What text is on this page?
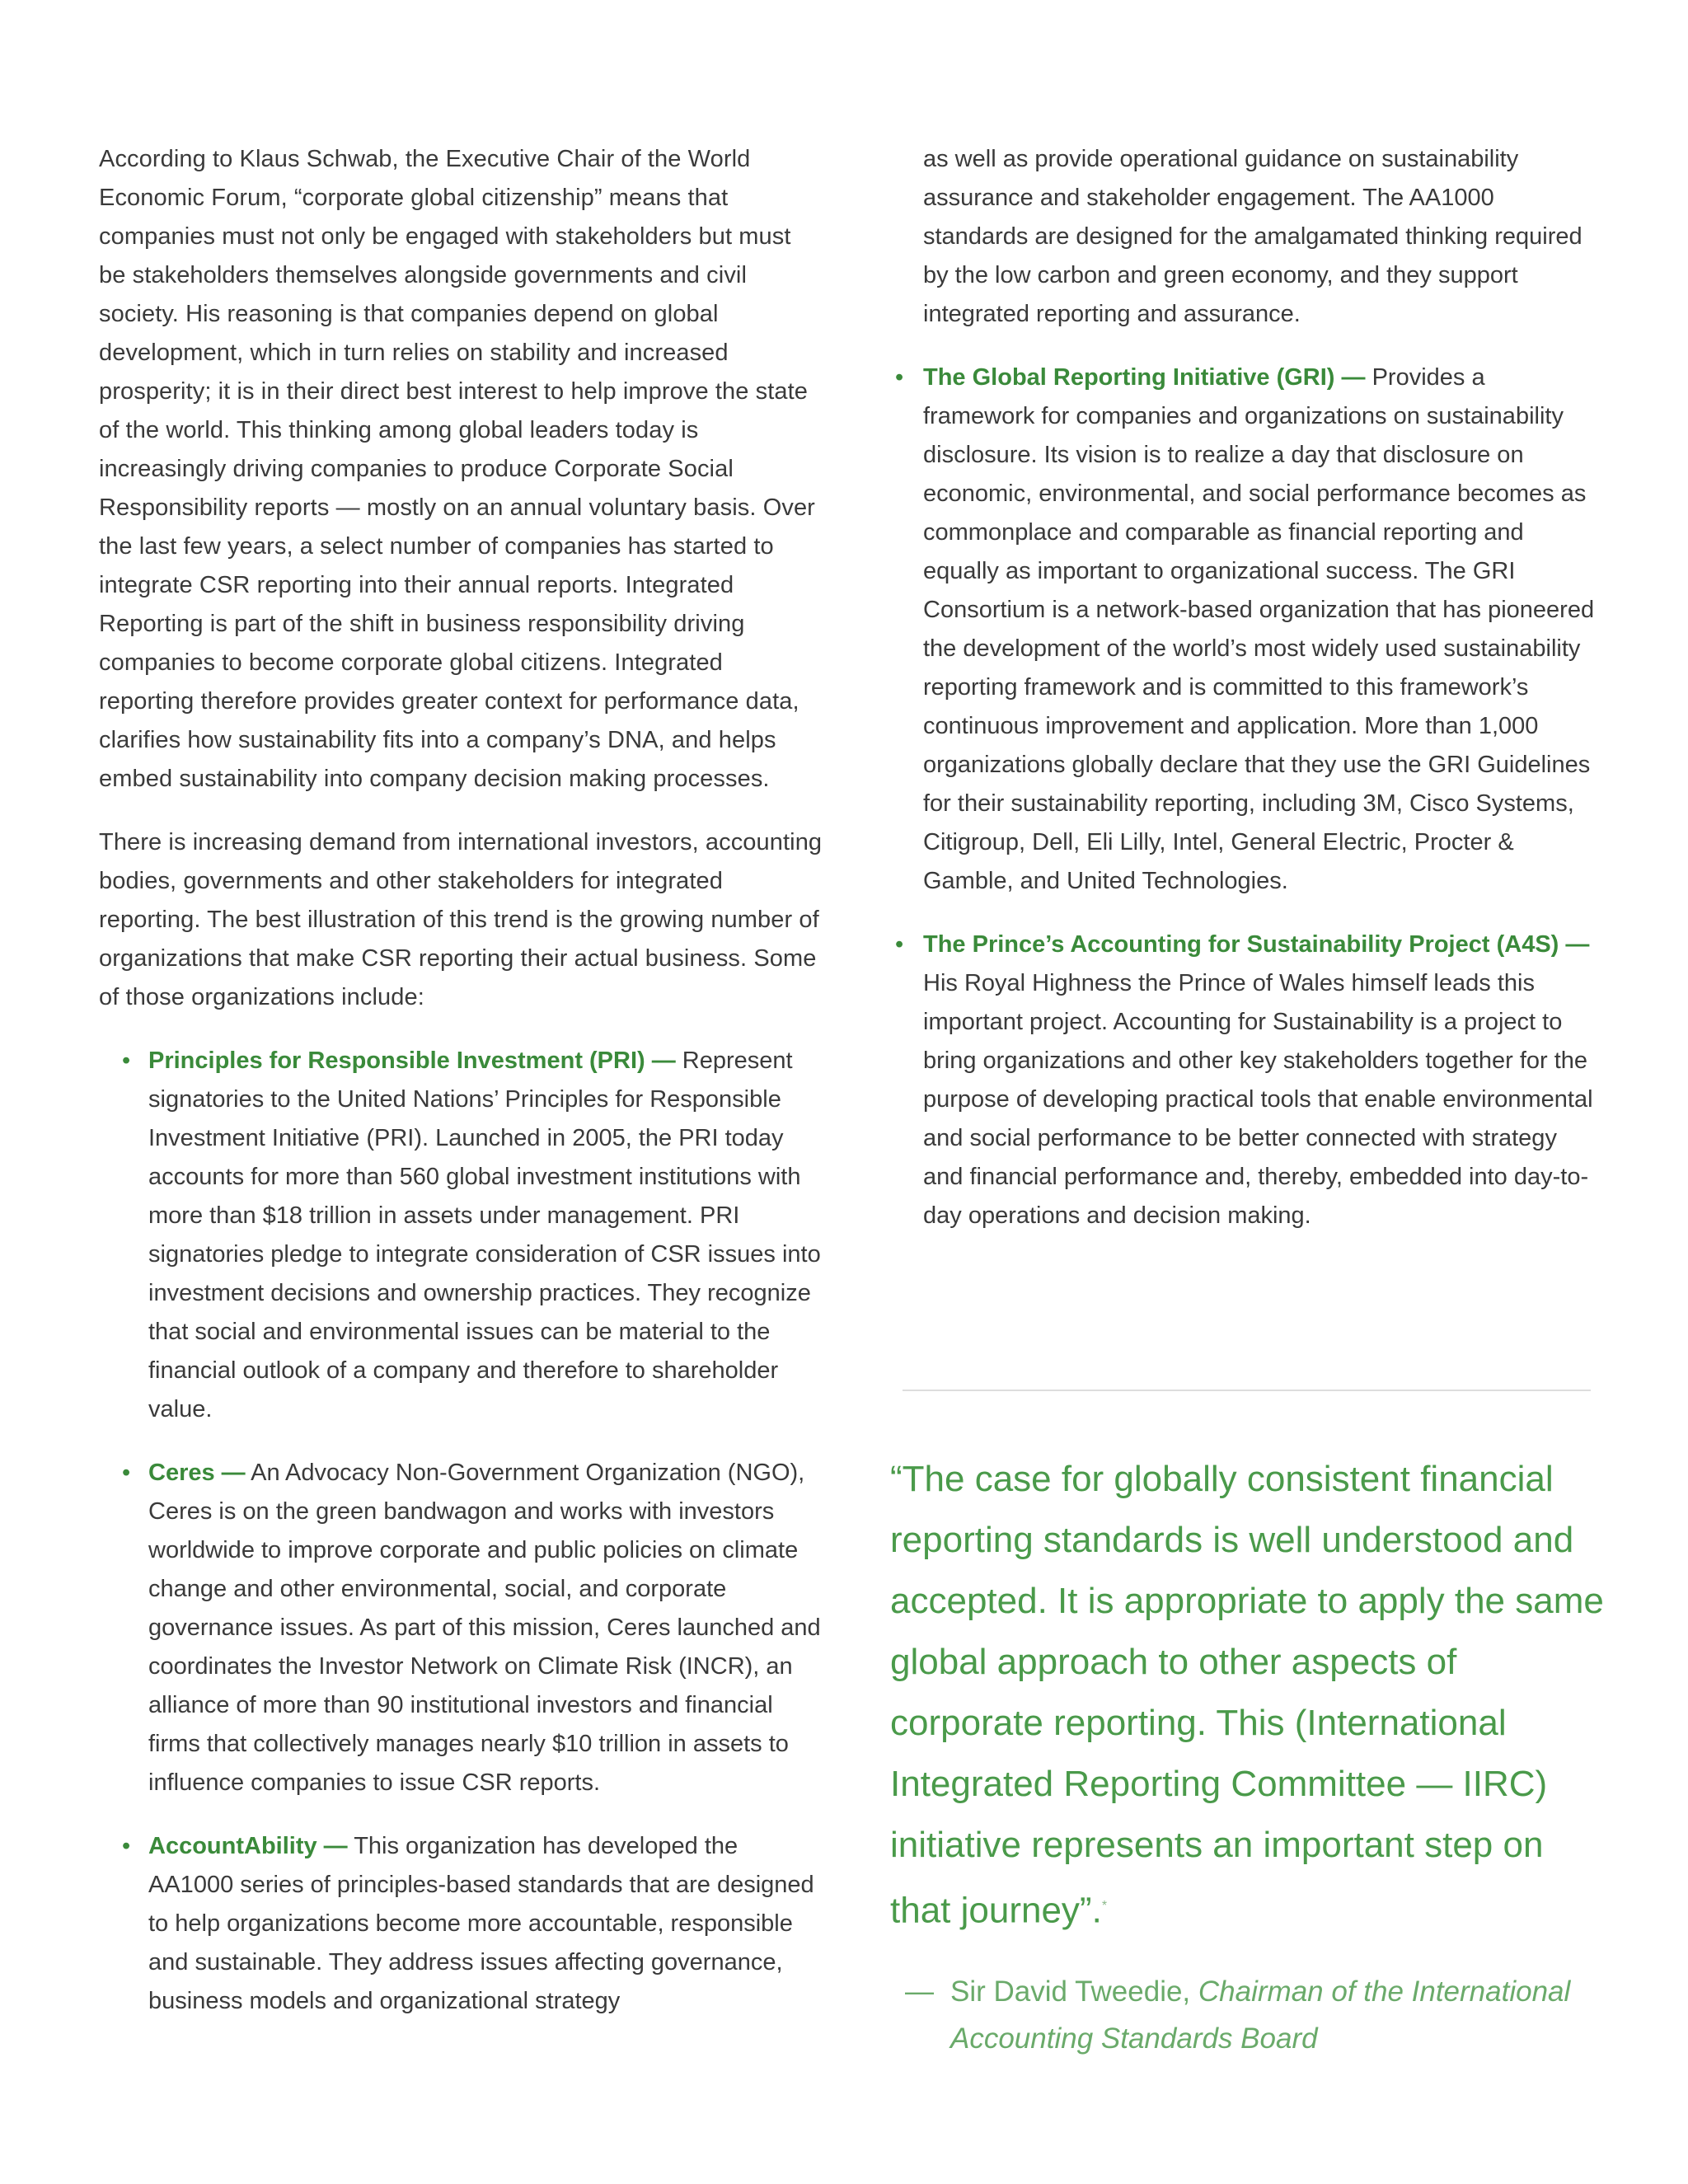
According to Klaus Schwab, the Executive Chair of the World Economic Forum, “corporate global citizenship” means that companies must not only be engaged with stakeholders but must be stakeholders themselves alongside governments and civil society. His reasoning is that companies depend on global development, which in turn relies on stability and increased prosperity; it is in their direct best interest to help improve the state of the world. This thinking among global leaders today is increasingly driving companies to produce Corporate Social Responsibility reports — mostly on an annual voluntary basis. Over the last few years, a select number of companies has started to integrate CSR reporting into their annual reports. Integrated Reporting is part of the shift in business responsibility driving companies to become corporate global citizens. Integrated reporting therefore provides greater context for performance data, clarifies how sustainability fits into a company’s DNA, and helps embed sustainability into company decision making processes.

There is increasing demand from international investors, accounting bodies, governments and other stakeholders for integrated reporting. The best illustration of this trend is the growing number of organizations that make CSR reporting their actual business. Some of those organizations include:

• Principles for Responsible Investment (PRI) — Represent signatories to the United Nations’ Principles for Responsible Investment Initiative (PRI). Launched in 2005, the PRI today accounts for more than 560 global investment institutions with more than $18 trillion in assets under management. PRI signatories pledge to integrate consideration of CSR issues into investment decisions and ownership practices. They recognize that social and environmental issues can be material to the financial outlook of a company and therefore to shareholder value.
• Ceres — An Advocacy Non-Government Organization (NGO), Ceres is on the green bandwagon and works with investors worldwide to improve corporate and public policies on climate change and other environmental, social, and corporate governance issues. As part of this mission, Ceres launched and coordinates the Investor Network on Climate Risk (INCR), an alliance of more than 90 institutional investors and financial firms that collectively manages nearly $10 trillion in assets to influence companies to issue CSR reports.
• AccountAbility — This organization has developed the AA1000 series of principles-based standards that are designed to help organizations become more accountable, responsible and sustainable. They address issues affecting governance, business models and organizational strategy

as well as provide operational guidance on sustainability assurance and stakeholder engagement. The AA1000 standards are designed for the amalgamated thinking required by the low carbon and green economy, and they support integrated reporting and assurance.

• The Global Reporting Initiative (GRI) — Provides a framework for companies and organizations on sustainability disclosure. Its vision is to realize a day that disclosure on economic, environmental, and social performance becomes as commonplace and comparable as financial reporting and equally as important to organizational success. The GRI Consortium is a network-based organization that has pioneered the development of the world’s most widely used sustainability reporting framework and is committed to this framework’s continuous improvement and application. More than 1,000 organizations globally declare that they use the GRI Guidelines for their sustainability reporting, including 3M, Cisco Systems, Citigroup, Dell, Eli Lilly, Intel, General Electric, Procter & Gamble, and United Technologies.
• The Prince’s Accounting for Sustainability Project (A4S) — His Royal Highness the Prince of Wales himself leads this important project. Accounting for Sustainability is a project to bring organizations and other key stakeholders together for the purpose of developing practical tools that enable environmental and social performance to be better connected with strategy and financial performance and, thereby, embedded into day-to-day operations and decision making.

“The case for globally consistent financial reporting standards is well understood and accepted. It is appropriate to apply the same global approach to other aspects of corporate reporting. This (International Integrated Reporting Committee — IIRC) initiative represents an important step on that journey”.*

— Sir David Tweedie, Chairman of the International Accounting Standards Board
